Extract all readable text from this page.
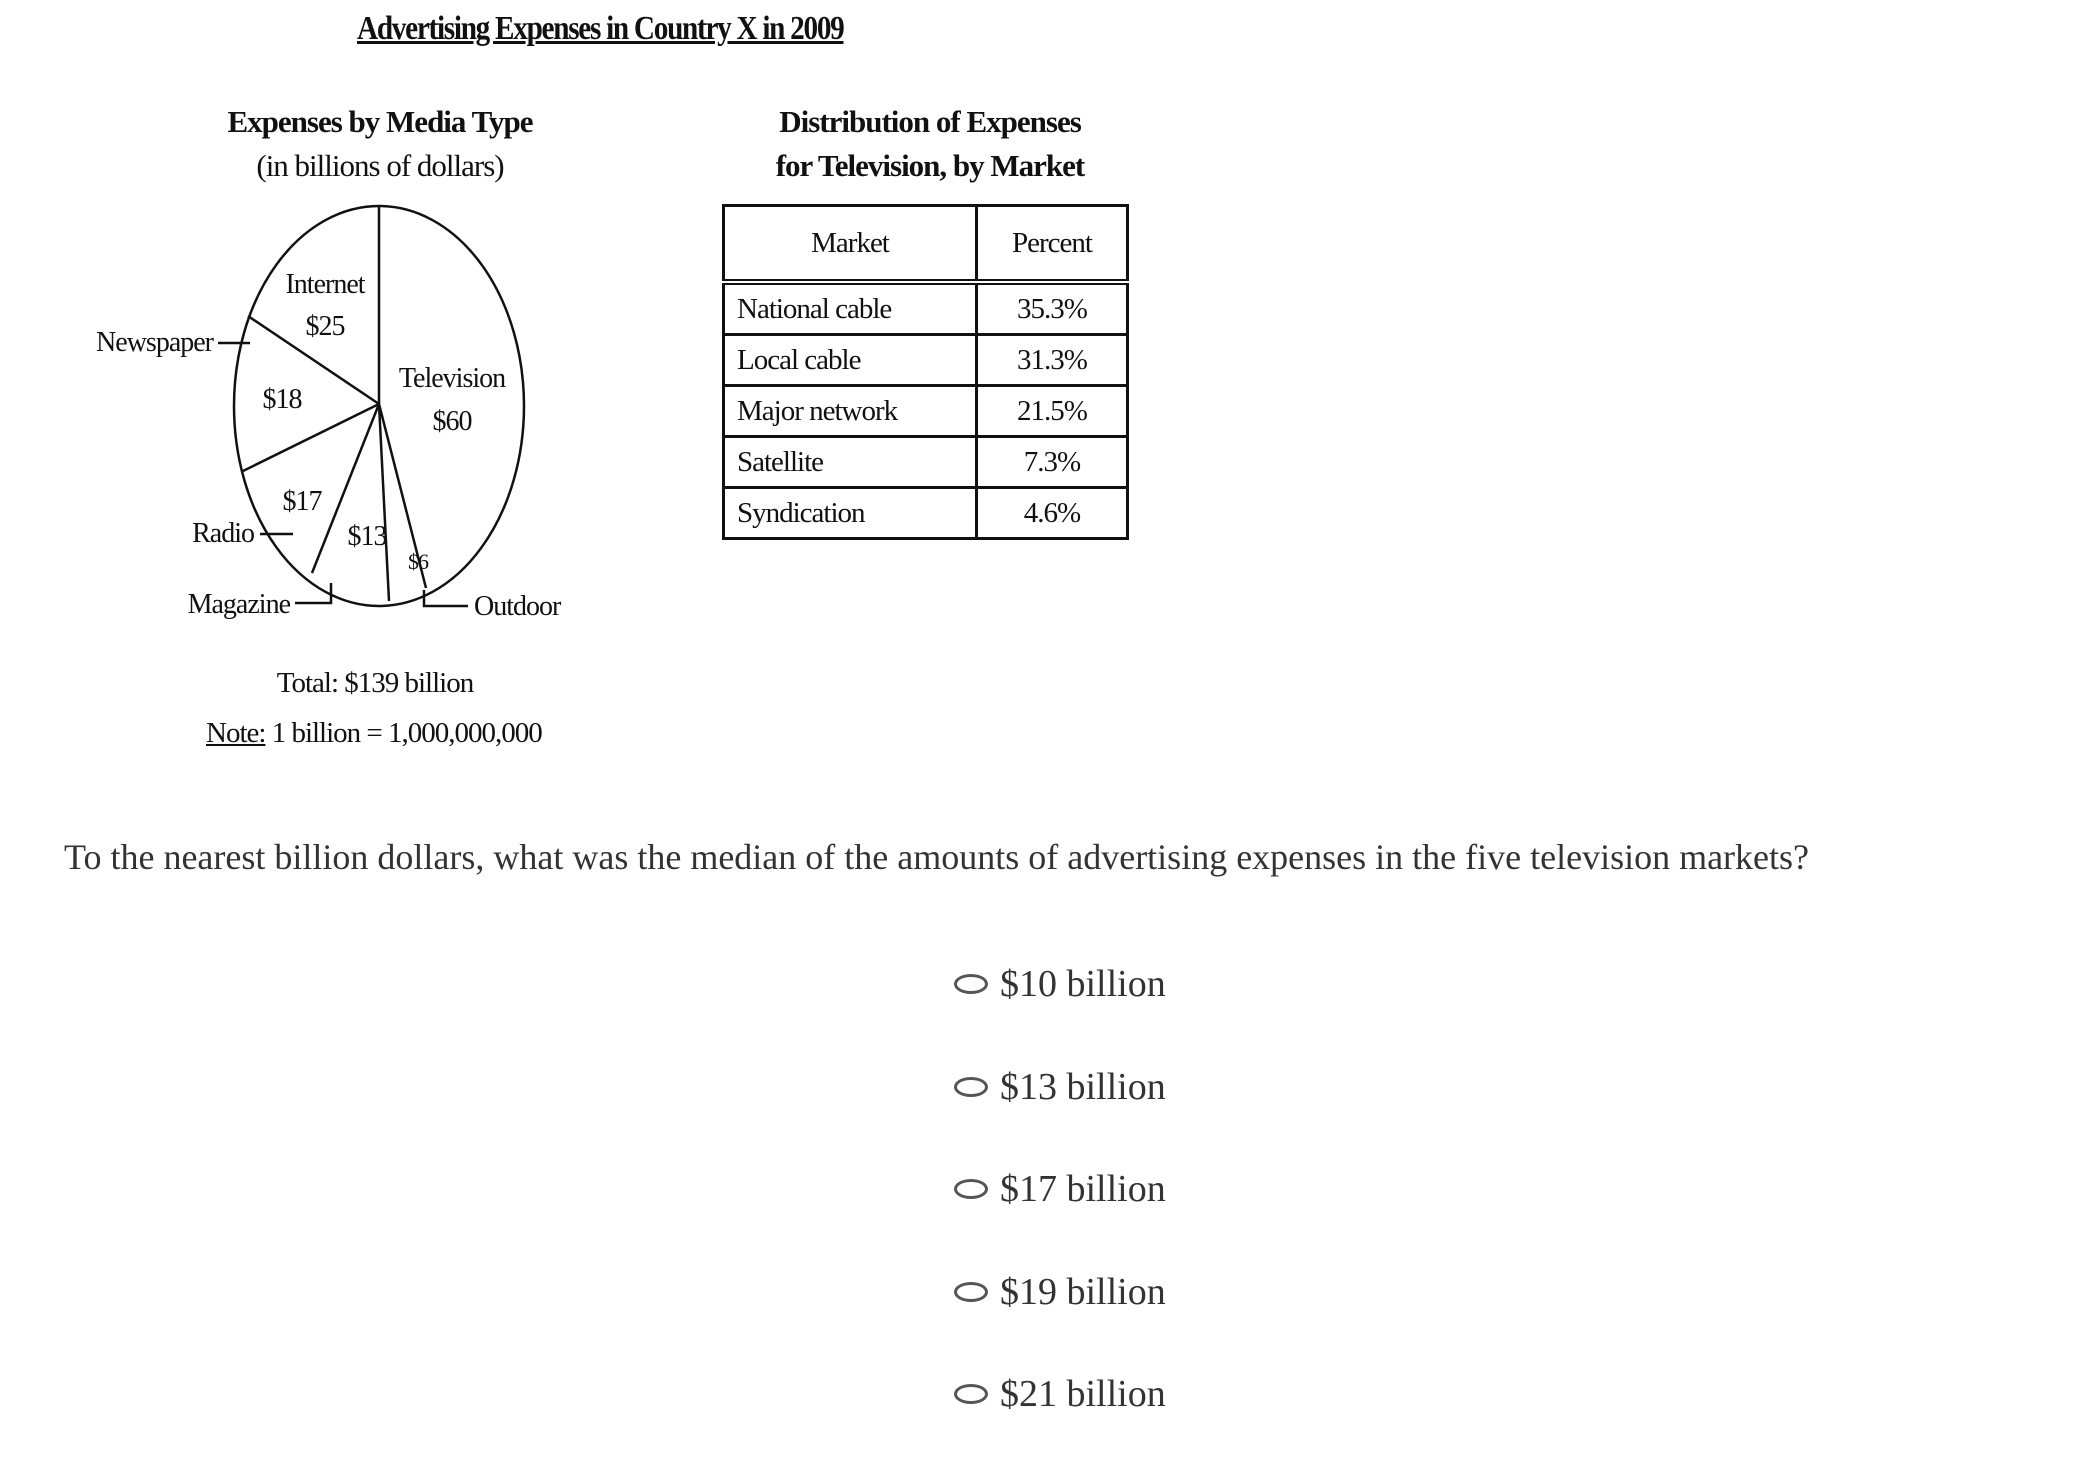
Advertising Expenses in Country X in 2009
Expenses by Media Type
(in billions of dollars)
Internet
$25
Newspaper
$18
Television
$60
$17
Radio	$13
$6
Magazine	Outdoor
Total: $139 billion
Note: 1 billion = 1,000,000,000
Distribution of Expenses
for Television, by Market
Market	Percent
National cable	35.3%
Local cable	31.3%
Major network	21.5%
Satellite	7.3%
Syndication	4.6%
To the nearest billion dollars, what was the median of the amounts of advertising expenses in the five television markets?
$10 billion
$13 billion
$17 billion
$19 billion
$21 billion
